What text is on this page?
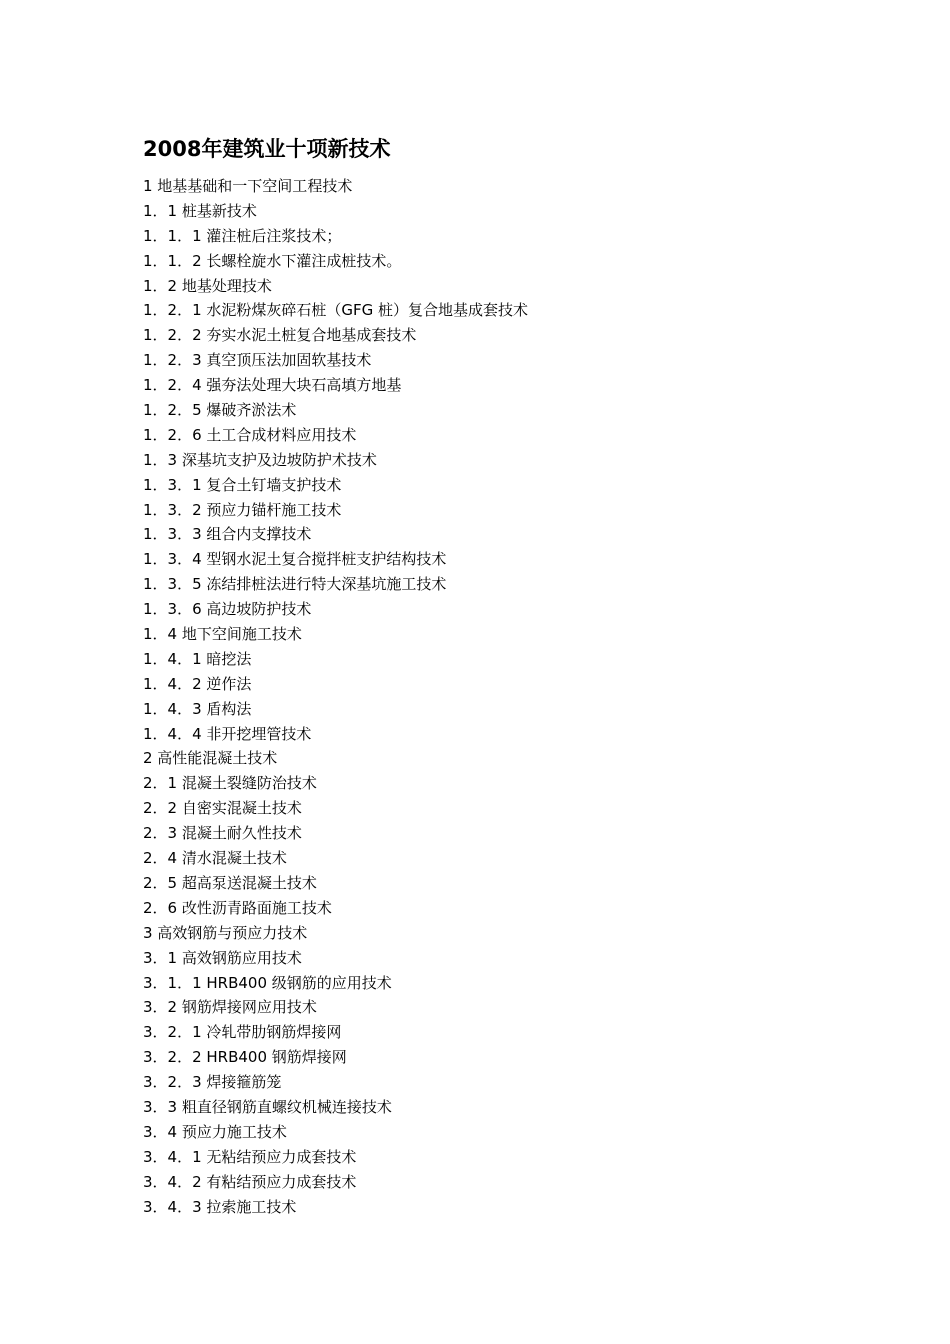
2008年建筑业十项新技术
1 地基基础和一下空间工程技术
1．1 桩基新技术
1．1．1 灌注桩后注浆技术；
1．1．2 长螺栓旋水下灌注成桩技术。
1．2 地基处理技术
1．2．1 水泥粉煤灰碎石桩（GFG 桩）复合地基成套技术
1．2．2 夯实水泥土桩复合地基成套技术
1．2．3 真空顶压法加固软基技术
1．2．4 强夯法处理大块石高填方地基
1．2．5 爆破齐淤法术
1．2．6 土工合成材料应用技术
1．3 深基坑支护及边坡防护术技术
1．3．1 复合土钉墙支护技术
1．3．2 预应力锚杆施工技术
1．3．3 组合内支撑技术
1．3．4 型钢水泥土复合搅拌桩支护结构技术
1．3．5 冻结排桩法进行特大深基坑施工技术
1．3．6 高边坡防护技术
1．4 地下空间施工技术
1．4．1 暗挖法
1．4．2 逆作法
1．4．3 盾构法
1．4．4 非开挖埋管技术
2 高性能混凝土技术
2．1 混凝土裂缝防治技术
2．2 自密实混凝土技术
2．3 混凝土耐久性技术
2．4 清水混凝土技术
2．5 超高泵送混凝土技术
2．6 改性沥青路面施工技术
3 高效钢筋与预应力技术
3．1 高效钢筋应用技术
3．1．1 HRB400 级钢筋的应用技术
3．2 钢筋焊接网应用技术
3．2．1 冷轧带肋钢筋焊接网
3．2．2 HRB400 钢筋焊接网
3．2．3 焊接箍筋笼
3．3 粗直径钢筋直螺纹机械连接技术
3．4 预应力施工技术
3．4．1 无粘结预应力成套技术
3．4．2 有粘结预应力成套技术
3．4．3 拉索施工技术
